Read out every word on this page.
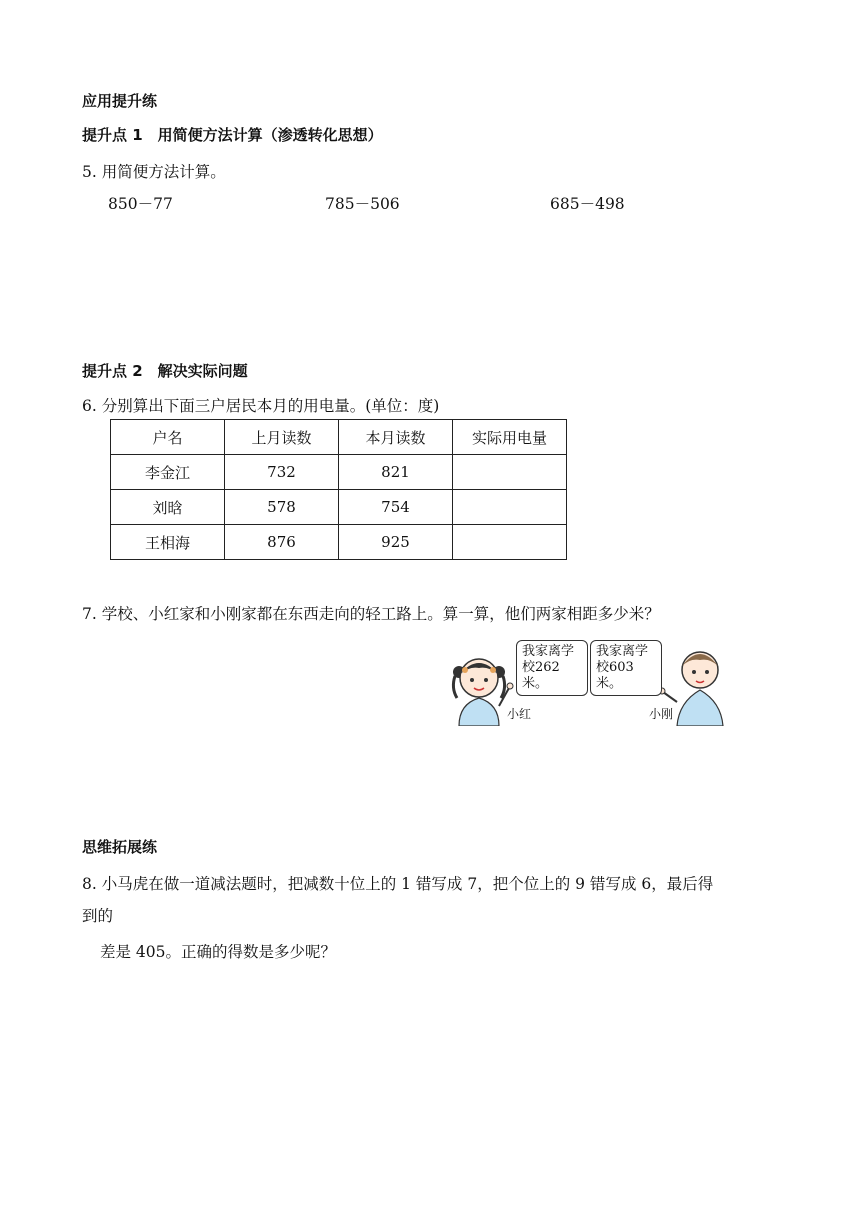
应用提升练
提升点 1　用简便方法计算（渗透转化思想）
5. 用简便方法计算。
850－77	785－506	685－498
提升点 2　解决实际问题
6. 分别算出下面三户居民本月的用电量。(单位：度)
户名	上月读数	本月读数	实际用电量
李金江	732	821	
刘晗	578	754	
王相海	876	925	
7. 学校、小红家和小刚家都在东西走向的轻工路上。算一算，他们两家相距多少米？
我家离学校262米。
我家离学校603米。
小红	小刚
思维拓展练
8. 小马虎在做一道减法题时，把减数十位上的 1 错写成 7，把个位上的 9 错写成 6，最后得
到的
差是 405。正确的得数是多少呢？
